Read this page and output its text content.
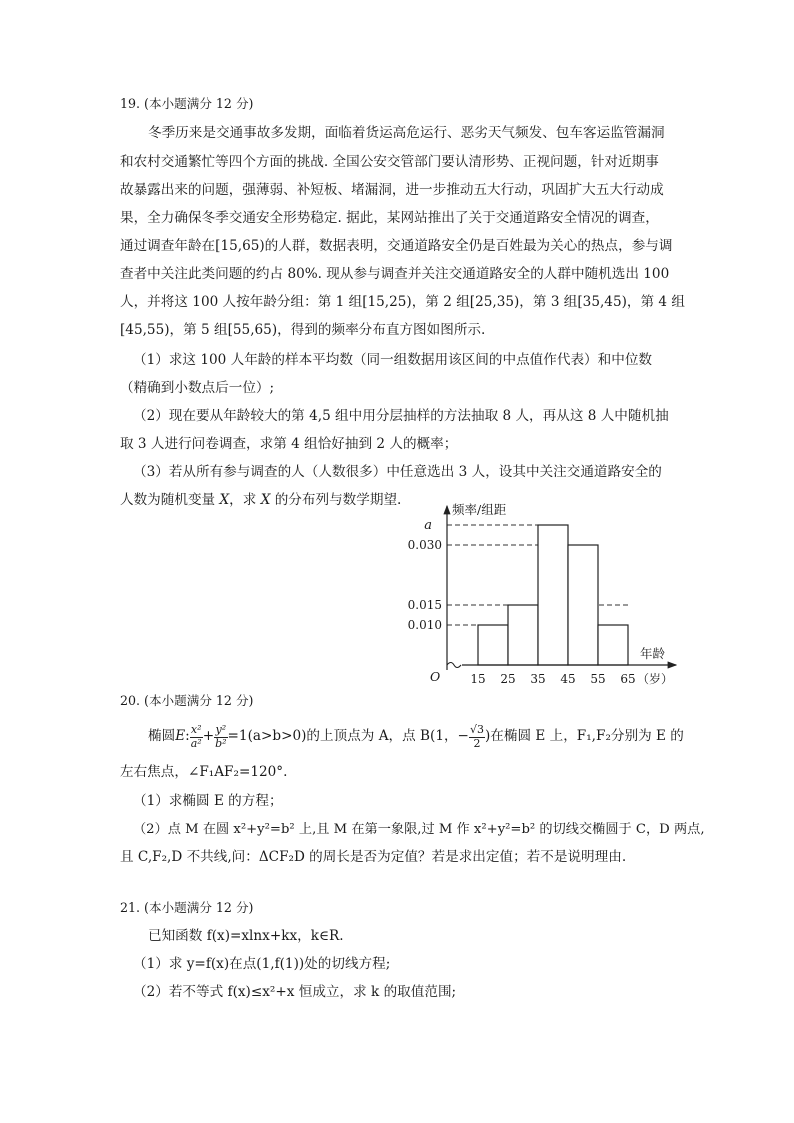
19. (本小题满分 12 分)
冬季历来是交通事故多发期，面临着货运高危运行、恶劣天气频发、包车客运监管漏洞
和农村交通繁忙等四个方面的挑战. 全国公安交管部门要认清形势、正视问题，针对近期事
故暴露出来的问题，强薄弱、补短板、堵漏洞，进一步推动五大行动，巩固扩大五大行动成
果，全力确保冬季交通安全形势稳定. 据此，某网站推出了关于交通道路安全情况的调查，
通过调查年龄在[15,65)的人群，数据表明，交通道路安全仍是百姓最为关心的热点，参与调
查者中关注此类问题的约占 80%. 现从参与调查并关注交通道路安全的人群中随机选出 100
人，并将这 100 人按年龄分组：第 1 组[15,25)，第 2 组[25,35)，第 3 组[35,45)，第 4 组
[45,55)，第 5 组[55,65)，得到的频率分布直方图如图所示.
（1）求这 100 人年龄的样本平均数（同一组数据用该区间的中点值作代表）和中位数
（精确到小数点后一位）;
（2）现在要从年龄较大的第 4,5 组中用分层抽样的方法抽取 8 人，再从这 8 人中随机抽
取 3 人进行问卷调查，求第 4 组恰好抽到 2 人的概率；
（3）若从所有参与调查的人（人数很多）中任意选出 3 人，设其中关注交通道路安全的
人数为随机变量 X，求 X 的分布列与数学期望.
0.010
0.015
0.030
a
15 25 35 45 55 65
O
频率/组距
年龄
（岁）
20. (本小题满分 12 分)
椭圆 E : $\frac{\text{x²}}{\text{a²}} + \frac{\text{y²}}{\text{b²}} =1(a>b>0)$的上顶点为 A，点 B(1，− $\frac{√3}{2}$ )在椭圆 E 上，F₁,F₂分别为 E 的
左右焦点，∠F₁AF₂=120°.
（1）求椭圆 E 的方程；
（2）点 M 在圆 x²+y²=b² 上,且 M 在第一象限,过 M 作 x²+y²=b² 的切线交椭圆于 C，D 两点,
且 C,F₂,D 不共线,问：ΔCF₂D 的周长是否为定值？若是求出定值；若不是说明理由.
21. (本小题满分 12 分)
已知函数 f(x)=xlnx+kx，k∈R.
（1）求 y=f(x)在点(1,f(1))处的切线方程;
（2）若不等式 f(x)≤x²+x 恒成立，求 k 的取值范围;
